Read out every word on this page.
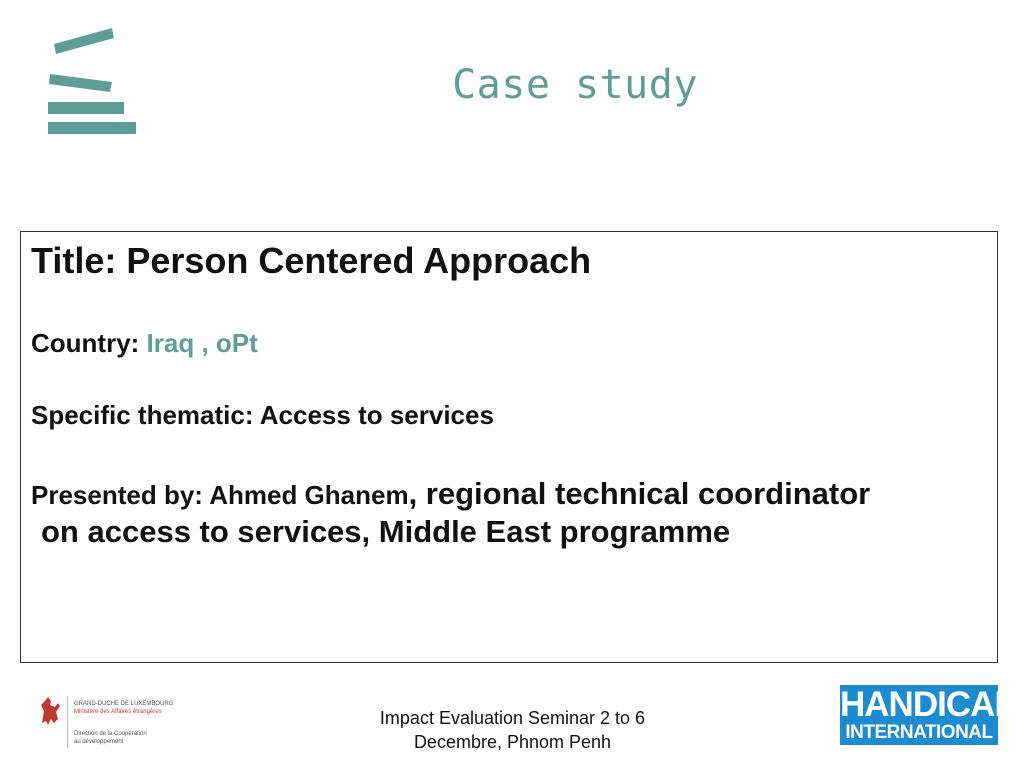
Case study
Title: Person Centered Approach
Country: Iraq , oPt
Specific thematic: Access to services
Presented by: Ahmed Ghanem, regional technical coordinator
on access to services, Middle East programme
GRAND-DUCHÉ DE LUXEMBOURG
Ministère des Affaires étrangères
Direction de la Coopération
au développement
Impact Evaluation Seminar 2 to 6
Decembre, Phnom Penh
HANDICAP
INTERNATIONAL
